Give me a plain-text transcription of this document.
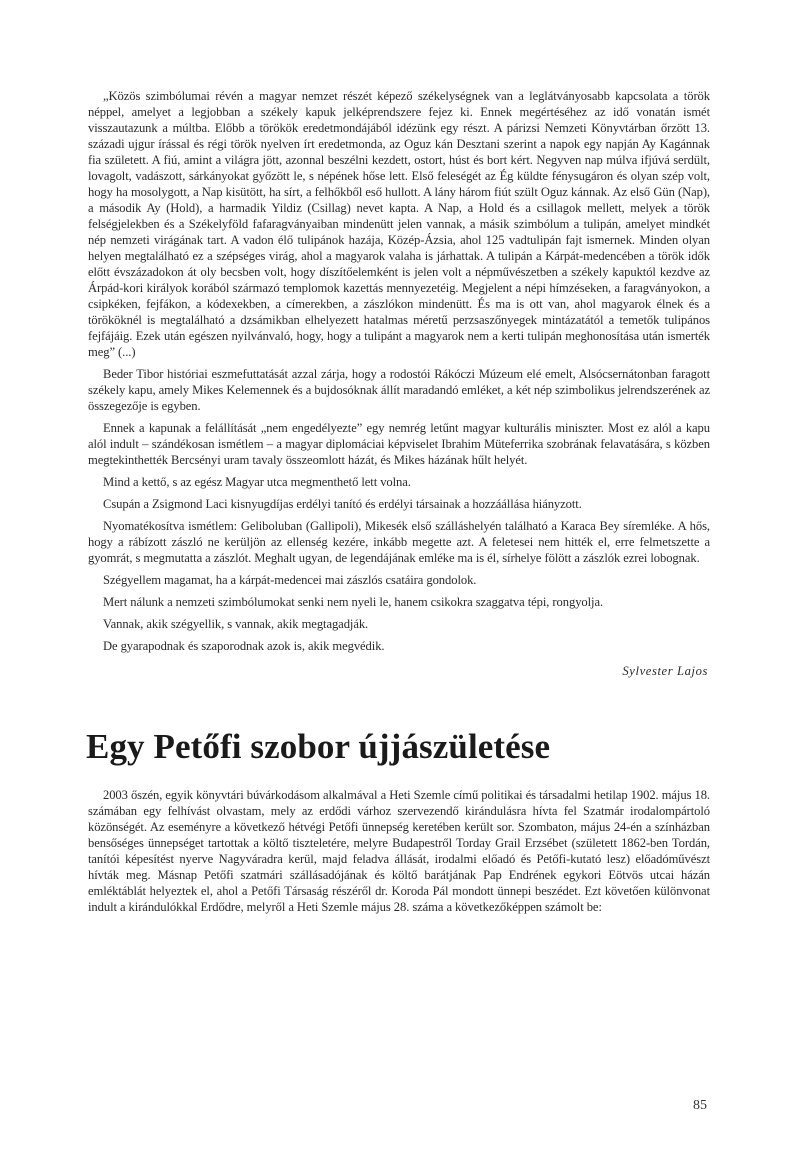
„Közös szimbólumai révén a magyar nemzet részét képező székelységnek van a leglátványosabb kapcsolata a török néppel, amelyet a legjobban a székely kapuk jelképrendszere fejez ki. Ennek megértéséhez az idő vonatán ismét visszautazunk a múltba. Előbb a törökök eredetmondájából idézünk egy részt. A párizsi Nemzeti Könyvtárban őrzött 13. századi ujgur írással és régi török nyelven írt eredetmonda, az Oguz kán Desztani szerint a napok egy napján Ay Kagánnak fia született. A fiú, amint a világra jött, azonnal beszélni kezdett, ostort, húst és bort kért. Negyven nap múlva ifjúvá serdült, lovagolt, vadászott, sárkányokat győzött le, s népének hőse lett. Első feleségét az Ég küldte fénysugáron és olyan szép volt, hogy ha mosolygott, a Nap kisütött, ha sírt, a felhőkből eső hullott. A lány három fiút szült Oguz kánnak. Az első Gün (Nap), a második Ay (Hold), a harmadik Yildiz (Csillag) nevet kapta. A Nap, a Hold és a csillagok mellett, melyek a török felségjelekben és a Székelyföld fafaragványaiban mindenütt jelen vannak, a másik szimbólum a tulipán, amelyet mindkét nép nemzeti virágának tart. A vadon élő tulipánok hazája, Közép-Ázsia, ahol 125 vadtulipán fajt ismernek. Minden olyan helyen megtalálható ez a szépséges virág, ahol a magyarok valaha is járhattak. A tulipán a Kárpát-medencében a török idők előtt évszázadokon át oly becsben volt, hogy díszítőelemként is jelen volt a népművészetben a székely kapuktól kezdve az Árpád-kori királyok korából származó templomok kazettás mennyezetéig. Megjelent a népi hímzéseken, a faragványokon, a csipkéken, fejfákon, a kódexekben, a címerekben, a zászlókon mindenütt. És ma is ott van, ahol magyarok élnek és a törököknél is megtalálható a dzsámikban elhelyezett hatalmas méretű perzsaszőnyegek mintázatától a temetők tulipános fejfájáig. Ezek után egészen nyilvánvaló, hogy, hogy a tulipánt a magyarok nem a kerti tulipán meghonosítása után ismerték meg” (...)

Beder Tibor históriai eszmefuttatását azzal zárja, hogy a rodostói Rákóczi Múzeum elé emelt, Alsócsernátonban faragott székely kapu, amely Mikes Kelemennek és a bujdosóknak állít maradandó emléket, a két nép szimbolikus jelrendszerének az összegezője is egyben.

Ennek a kapunak a felállítását „nem engedélyezte” egy nemrég letűnt magyar kulturális miniszter. Most ez alól a kapu alól indult – szándékosan ismétlem – a magyar diplomáciai képviselet Ibrahim Müteferrika szobrának felavatására, s közben megtekinthették Bercsényi uram tavaly összeomlott házát, és Mikes házának hűlt helyét.

Mind a kettő, s az egész Magyar utca megmenthető lett volna.

Csupán a Zsigmond Laci kisnyugdíjas erdélyi tanító és erdélyi társainak a hozzáállása hiányzott.

Nyomatékosítva ismétlem: Geliboluban (Gallipoli), Mikesék első szálláshelyén található a Karaca Bey síremléke. A hős, hogy a rábízott zászló ne kerüljön az ellenség kezére, inkább megette azt. A feletesei nem hitték el, erre felmetszette a gyomrát, s megmutatta a zászlót. Meghalt ugyan, de legendájának emléke ma is él, sírhelye fölött a zászlók ezrei lobognak.

Szégyellem magamat, ha a kárpát-medencei mai zászlós csatáira gondolok.

Mert nálunk a nemzeti szimbólumokat senki nem nyeli le, hanem csikokra szaggatva tépi, rongyolja.

Vannak, akik szégyellik, s vannak, akik megtagadják.

De gyarapodnak és szaporodnak azok is, akik megvédik.

Sylvester Lajos
Egy Petőfi szobor újjászületése

2003 őszén, egyik könyvtári búvárkodásom alkalmával a Heti Szemle című politikai és társadalmi hetilap 1902. május 18. számában egy felhívást olvastam, mely az erdődi várhoz szervezendő kirándulásra hívta fel Szatmár irodalompártoló közönségét. Az eseményre a következő hétvégi Petőfi ünnepség keretében került sor. Szombaton, május 24-én a színházban bensőséges ünnepséget tartottak a költő tiszteletére, melyre Budapestről Torday Grail Erzsébet (született 1862-ben Tordán, tanítói képesítést nyerve Nagyváradra kerül, majd feladva állását, irodalmi előadó és Petőfi-kutató lesz) előadóművészt hívták meg. Másnap Petőfi szatmári szállásadójának és költő barátjának Pap Endrének egykori Eötvös utcai házán emléktáblát helyeztek el, ahol a Petőfi Társaság részéről dr. Koroda Pál mondott ünnepi beszédet. Ezt követően különvonat indult a kirándulókkal Erdődre, melyről a Heti Szemle május 28. száma a következőképpen számolt be:

85
